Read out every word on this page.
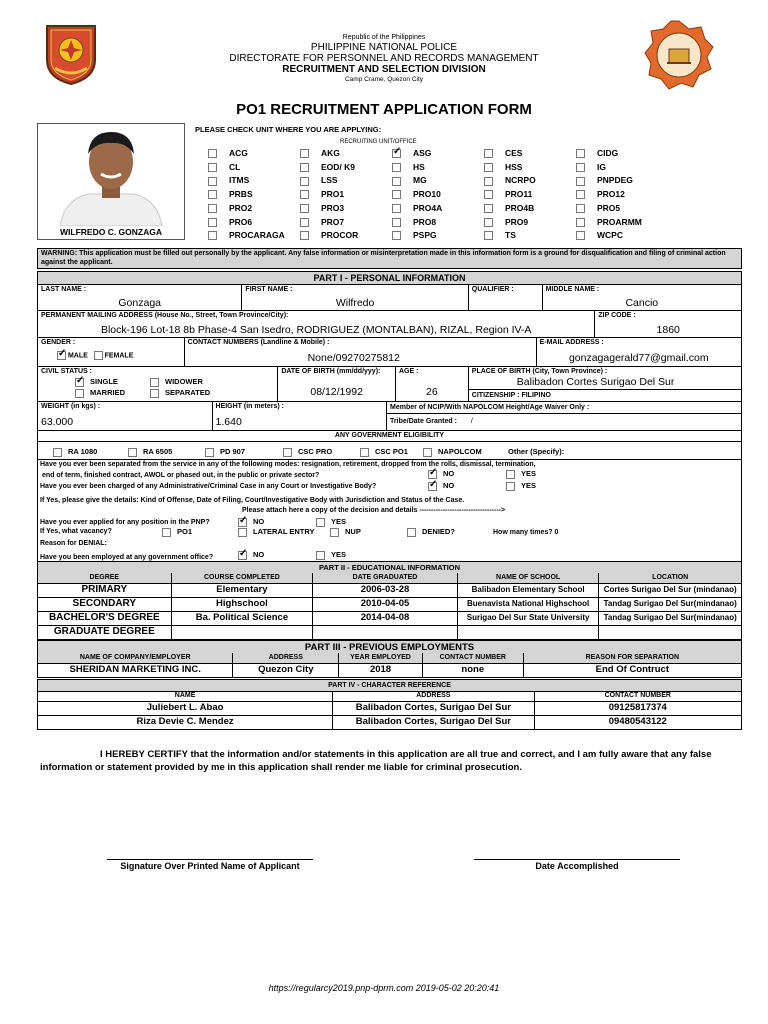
Republic of the Philippines
PHILIPPINE NATIONAL POLICE
DIRECTORATE FOR PERSONNEL AND RECORDS MANAGEMENT
RECRUITMENT AND SELECTION DIVISION
Camp Crame, Quezon City
PO1 RECRUITMENT APPLICATION FORM
WILFREDO C. GONZAGA
PLEASE CHECK UNIT WHERE YOU ARE APPLYING:
RECRUITING UNIT/OFFICE
ACG	AKG ✓	ASG	CES	CIDG
CL	EOD/ K9	HS	HSS	IG
ITMS	LSS	MG	NCRPO	PNPDEG
PRBS	PRO1	PRO10	PRO11	PRO12
PRO2	PRO3	PRO4A	PRO4B	PRO5
PRO6	PRO7	PRO8	PRO9	PROARMM
PROCARAGA	PROCOR	PSPG	TS	WCPC
WARNING: This application must be filled out personally by the applicant. Any false information or misinterpretation made in this information form is a ground for disqualification and filing of criminal action against the applicant.
PART I - PERSONAL INFORMATION
LAST NAME :
Gonzaga
FIRST NAME :
Wilfredo
QUALIFIER :	MIDDLE NAME :
Cancio
PERMANENT MAILING ADDRESS (House No., Street, Town Province/City):
Block-196 Lot-18 8b Phase-4 San Isedro, RODRIGUEZ (MONTALBAN), RIZAL, Region IV-A
ZIP CODE :
1860
GENDER :
✓ MALE FEMALE
CONTACT NUMBERS (Landline & Mobile) :
None/09270275812
E-MAIL ADDRESS :
gonzagagerald77@gmail.com
CIVIL STATUS :
✓SINGLE	WIDOWER
MARRIED	SEPARATED
DATE OF BIRTH (mm/dd/yyy):
08/12/1992
AGE :
26
PLACE OF BIRTH (City, Town Province) :
Balibadon Cortes Surigao Del Sur
CITIZENSHIP : FILIPINO
WEIGHT (in kgs) :
63.000
HEIGHT (in meters) :
1.640
Member of NCIP/With NAPOLCOM Height/Age Waiver Only :
Tribe/Date Granted : /
ANY GOVERNMENT ELIGIBILITY
RA 1080	RA 6505	PD 907	CSC PRO	CSC PO1	NAPOLCOM	Other (Specify):
Have you ever been separated from the service in any of the following modes: resignation, retirement, dropped from the rolls, dismissal, termination,
end of term, finished contract, AWOL or phased out, in the public or private sector? ✓	NO	YES
Have you ever been charged of any Administrative/Criminal Case in any Court or Investigative Body? ✓	NO	YES
If Yes, please give the details: Kind of Offense, Date of Filing, Court/Investigative Body with Jurisdiction and Status of the Case.
Please attach here a copy of the decision and details ----------------------------------->
Have you ever applied for any position in the PNP? ✓	NO	YES
If Yes, what vacancy?	PO1	LATERAL ENTRY	NUP	DENIED?	How many times? 0
Reason for DENIAL:
Have you been employed at any government office? ✓	NO	YES
PART II - EDUCATIONAL INFORMATION
DEGREE	COURSE COMPLETED	DATE GRADUATED	NAME OF SCHOOL	LOCATION
PRIMARY	Elementary	2006-03-28	Balibadon Elementary School	Cortes Surigao Del Sur (mindanao)
SECONDARY	Highschool	2010-04-05	Buenavista National Highschool	Tandag Surigao Del Sur(mindanao)
BACHELOR'S DEGREE	Ba. Political Science	2014-04-08	Surigao Del Sur State University	Tandag Surigao Del Sur(mindanao)
GRADUATE DEGREE
PART III - PREVIOUS EMPLOYMENTS
NAME OF COMPANY/EMPLOYER	ADDRESS	YEAR EMPLOYED	CONTACT NUMBER	REASON FOR SEPARATION
SHERIDAN MARKETING INC.	Quezon City	2018	none	End Of Contruct
PART IV - CHARACTER REFERENCE
NAME	ADDRESS	CONTACT NUMBER
Juliebert L. Abao	Balibadon Cortes, Surigao Del Sur	09125817374
Riza Devie C. Mendez	Balibadon Cortes, Surigao Del Sur	09480543122
I HEREBY CERTIFY that the information and/or statements in this application are all true and correct, and I am fully aware that any false information or statement provided by me in this application shall render me liable for criminal prosecution.
Signature Over Printed Name of Applicant	Date Accomplished
https://regularcy2019.pnp-dprm.com 2019-05-02 20:20:41
